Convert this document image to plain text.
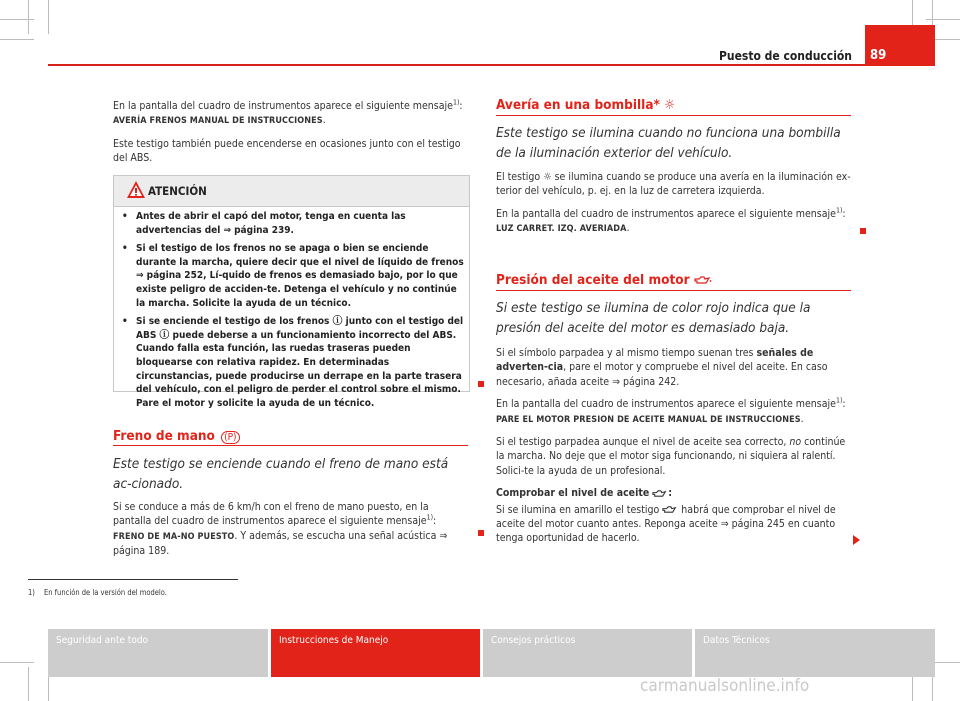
Puesto de conducción 89

En la pantalla del cuadro de instrumentos aparece el siguiente mensaje$^{1)}$:
AVERÍA FRENOS MANUAL DE INSTRUCCIONES.

Este testigo también puede encenderse en ocasiones junto con el testigo del ABS.

ATENCIÓN
• Antes de abrir el capó del motor, tenga en cuenta las advertencias del ⇒ página 239.
• Si el testigo de los frenos no se apaga o bien se enciende durante la marcha, quiere decir que el nivel de líquido de frenos ⇒ página 252, Lí-quido de frenos es demasiado bajo, por lo que existe peligro de acciden-te. Detenga el vehículo y no continúe la marcha. Solicite la ayuda de un técnico.
• Si se enciende el testigo de los frenos ⓘ junto con el testigo del ABS ⓘ puede deberse a un funcionamiento incorrecto del ABS. Cuando falla esta función, las ruedas traseras pueden bloquearse con relativa rapidez. En determinadas circunstancias, puede producirse un derrape en la parte trasera del vehículo, con el peligro de perder el control sobre el mismo. Pare el motor y solicite la ayuda de un técnico.
Freno de mano (P)
Este testigo se enciende cuando el freno de mano está ac-cionado.
Si se conduce a más de 6 km/h con el freno de mano puesto, en la pantalla del cuadro de instrumentos aparece el siguiente mensaje$^{1)}$: FRENO DE MA-NO PUESTO. Y además, se escucha una señal acústica ⇒ página 189.
Avería en una bombilla* ☼
Este testigo se ilumina cuando no funciona una bombilla de la iluminación exterior del vehículo.

El testigo ☼ se ilumina cuando se produce una avería en la iluminación ex-terior del vehículo, p. ej. en la luz de carretera izquierda.

En la pantalla del cuadro de instrumentos aparece el siguiente mensaje$^{1)}$:
LUZ CARRET. IZQ. AVERIADA.

Presión del aceite del motor
Si este testigo se ilumina de color rojo indica que la presión del aceite del motor es demasiado baja.

Si el símbolo parpadea y al mismo tiempo suenan tres señales de adverten-cia, pare el motor y compruebe el nivel del aceite. En caso necesario, añada aceite ⇒ página 242.

En la pantalla del cuadro de instrumentos aparece el siguiente mensaje$^{1)}$:
PARE EL MOTOR PRESION DE ACEITE MANUAL DE INSTRUCCIONES.

Si el testigo parpadea aunque el nivel de aceite sea correcto, no continúe la marcha. No deje que el motor siga funcionando, ni siquiera al ralentí. Solici-te la ayuda de un profesional.

Comprobar el nivel de aceite :

Si se ilumina en amarillo el testigo habrá que comprobar el nivel de aceite del motor cuanto antes. Reponga aceite ⇒ página 245 en cuanto tenga oportunidad de hacerlo.

1) En función de la versión del modelo.
Seguridad ante todo	Instrucciones de Manejo	Consejos prácticos	Datos Técnicos
carmanualsonline.info
